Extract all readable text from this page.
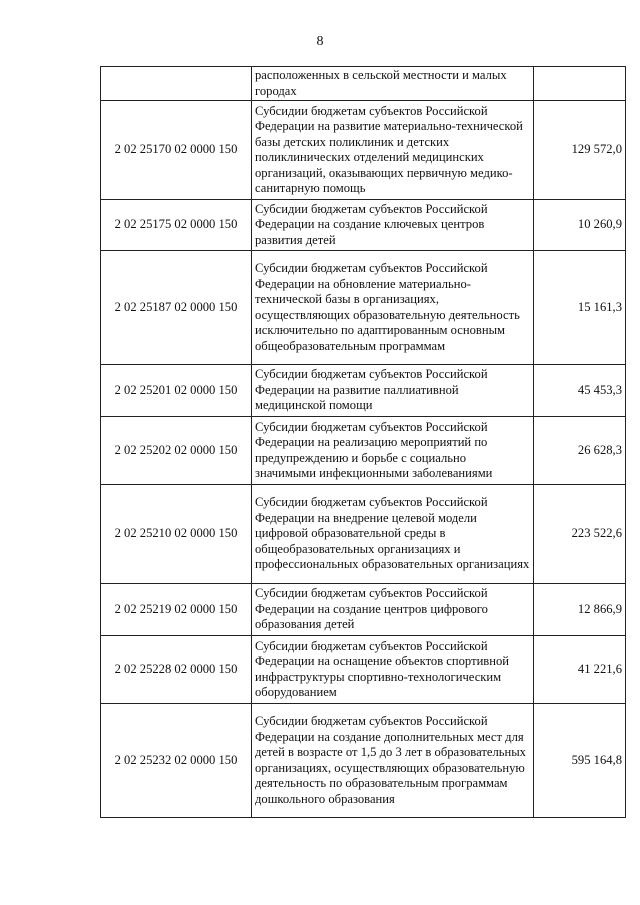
8
	расположенных в сельской местности и малых городах	
2 02 25170 02 0000 150	Субсидии бюджетам субъектов Российской Федерации на развитие материально-технической базы детских поликлиник и детских поликлинических отделений медицинских организаций, оказывающих первичную медико-санитарную помощь	129 572,0
2 02 25175 02 0000 150	Субсидии бюджетам субъектов Российской Федерации на создание ключевых центров развития детей	10 260,9
2 02 25187 02 0000 150	Субсидии бюджетам субъектов Российской Федерации на обновление материально-технической базы в организациях, осуществляющих образовательную деятельность исключительно по адаптированным основным общеобразовательным программам	15 161,3
2 02 25201 02 0000 150	Субсидии бюджетам субъектов Российской Федерации на развитие паллиативной медицинской помощи	45 453,3
2 02 25202 02 0000 150	Субсидии бюджетам субъектов Российской Федерации на реализацию мероприятий по предупреждению и борьбе с социально значимыми инфекционными заболеваниями	26 628,3
2 02 25210 02 0000 150	Субсидии бюджетам субъектов Российской Федерации на внедрение целевой модели цифровой образовательной среды в общеобразовательных организациях и профессиональных образовательных организациях	223 522,6
2 02 25219 02 0000 150	Субсидии бюджетам субъектов Российской Федерации на создание центров цифрового образования детей	12 866,9
2 02 25228 02 0000 150	Субсидии бюджетам субъектов Российской Федерации на оснащение объектов спортивной инфраструктуры спортивно-технологическим оборудованием	41 221,6
2 02 25232 02 0000 150	Субсидии бюджетам субъектов Российской Федерации на создание дополнительных мест для детей в возрасте от 1,5 до 3 лет в образовательных организациях, осуществляющих образовательную деятельность по образовательным программам дошкольного образования	595 164,8
